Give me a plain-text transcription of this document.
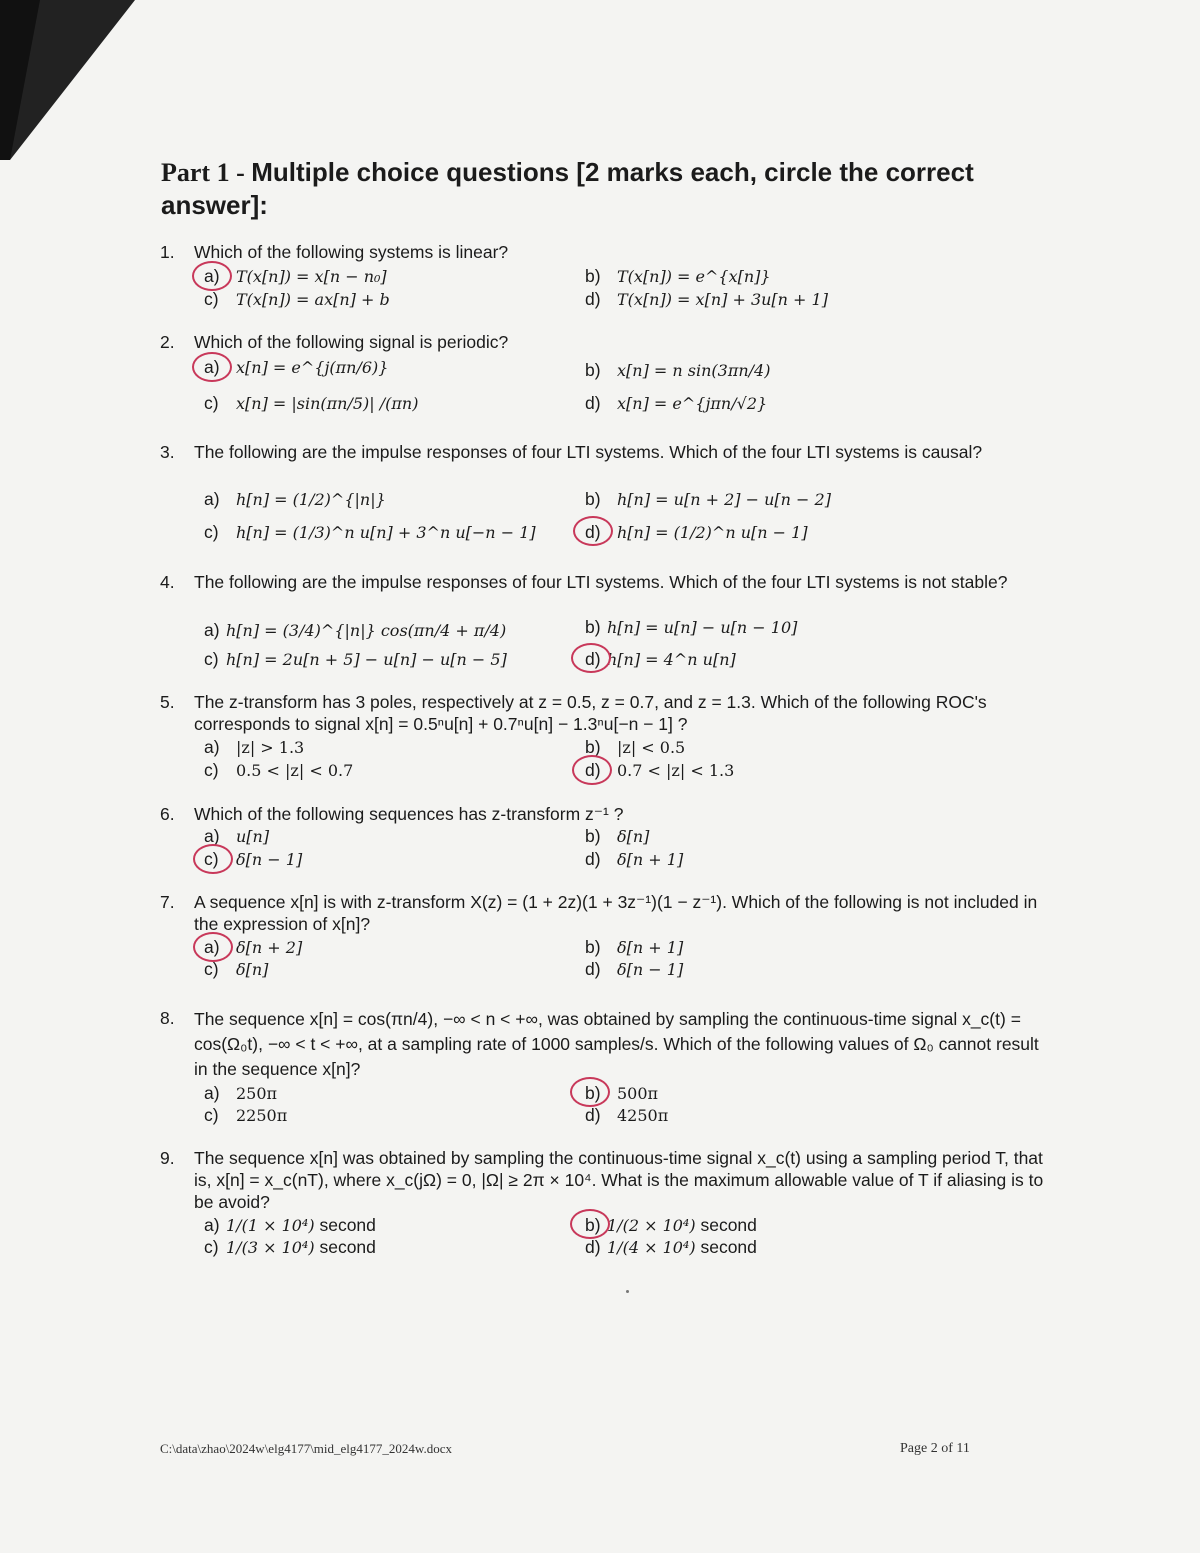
Part 1 - Multiple choice questions [2 marks each, circle the correct answer]:
1. Which of the following systems is linear?
a) T(x[n]) = x[n − n₀]	b) T(x[n]) = e^{x[n]}
c) T(x[n]) = ax[n] + b	d) T(x[n]) = x[n] + 3u[n + 1]
2. Which of the following signal is periodic?
a) x[n] = e^{j(πn/6)}	b) x[n] = n sin(3πn/4)
c) x[n] = |sin(πn/5)| /(πn)	d) x[n] = e^{jπn/√2}
3. The following are the impulse responses of four LTI systems. Which of the four LTI systems is causal?
a) h[n] = (1/2)^{|n|}	b) h[n] = u[n + 2] − u[n − 2]
c) h[n] = (1/3)^n u[n] + 3^n u[−n − 1]	d) h[n] = (1/2)^n u[n − 1]
4. The following are the impulse responses of four LTI systems. Which of the four LTI systems is not stable?
a) h[n] = (3/4)^{|n|} cos(πn/4 + π/4)	b) h[n] = u[n] − u[n − 10]
c) h[n] = 2u[n + 5] − u[n] − u[n − 5]	d) h[n] = 4^n u[n]
5. The z-transform has 3 poles, respectively at z = 0.5, z = 0.7, and z = 1.3. Which of the following ROC's corresponds to signal x[n] = 0.5ⁿu[n] + 0.7ⁿu[n] − 1.3ⁿu[−n − 1] ?
a) |z| > 1.3	b) |z| < 0.5
c) 0.5 < |z| < 0.7	d) 0.7 < |z| < 1.3
6. Which of the following sequences has z-transform z⁻¹ ?
a) u[n]	b) δ[n]
c) δ[n − 1]	d) δ[n + 1]
7. A sequence x[n] is with z-transform X(z) = (1 + 2z)(1 + 3z⁻¹)(1 − z⁻¹). Which of the following is not included in the expression of x[n]?
a) δ[n + 2]	b) δ[n + 1]
c) δ[n]	d) δ[n − 1]
8. The sequence x[n] = cos(πn/4), −∞ < n < +∞, was obtained by sampling the continuous-time signal x_c(t) = cos(Ω₀t), −∞ < t < +∞, at a sampling rate of 1000 samples/s. Which of the following values of Ω₀ cannot result in the sequence x[n]?
a) 250π	b) 500π
c) 2250π	d) 4250π
9. The sequence x[n] was obtained by sampling the continuous-time signal x_c(t) using a sampling period T, that is, x[n] = x_c(nT), where x_c(jΩ) = 0, |Ω| ≥ 2π × 10⁴. What is the maximum allowable value of T if aliasing is to be avoid?
a) 1/(1 × 10⁴) second	b) 1/(2 × 10⁴) second
c) 1/(3 × 10⁴) second	d) 1/(4 × 10⁴) second
C:\data\zhao\2024w\elg4177\mid_elg4177_2024w.docx	Page 2 of 11
